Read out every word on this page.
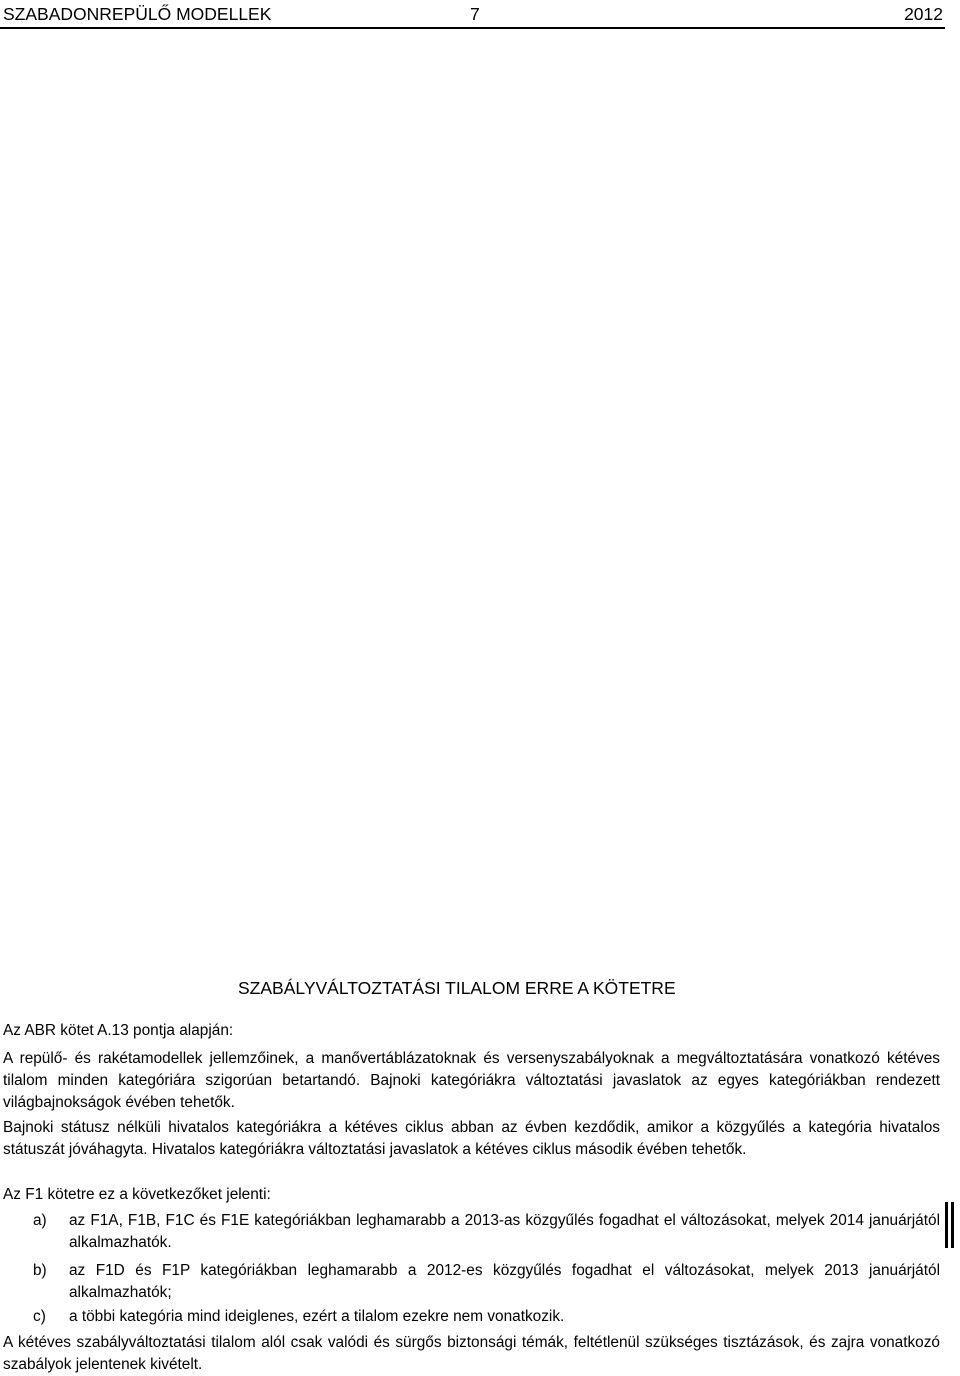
SZABADONREPÜLŐ MODELLEK	7	2012
SZABÁLYVÁLTOZTATÁSI TILALOM ERRE A KÖTETRE
Az ABR kötet A.13 pontja alapján:
A repülő- és rakétamodellek jellemzőinek, a manővertáblázatoknak és versenyszabályoknak a megváltoztatására vonatkozó kétéves tilalom minden kategóriára szigorúan betartandó. Bajnoki kategóriákra változtatási javaslatok az egyes kategóriákban rendezett világbajnokságok évében tehetők.
Bajnoki státusz nélküli hivatalos kategóriákra a kétéves ciklus abban az évben kezdődik, amikor a közgyűlés a kategória hivatalos státuszát jóváhagyta. Hivatalos kategóriákra változtatási javaslatok a kétéves ciklus második évében tehetők.
Az F1 kötetre ez a következőket jelenti:
a) az F1A, F1B, F1C és F1E kategóriákban leghamarabb a 2013-as közgyűlés fogadhat el változásokat, melyek 2014 januárjától alkalmazhatók.
b) az F1D és F1P kategóriákban leghamarabb a 2012-es közgyűlés fogadhat el változásokat, melyek 2013 januárjától alkalmazhatók;
c) a többi kategória mind ideiglenes, ezért a tilalom ezekre nem vonatkozik.
A kétéves szabályváltoztatási tilalom alól csak valódi és sürgős biztonsági témák, feltétlenül szükséges tisztázások, és zajra vonatkozó szabályok jelentenek kivételt.
